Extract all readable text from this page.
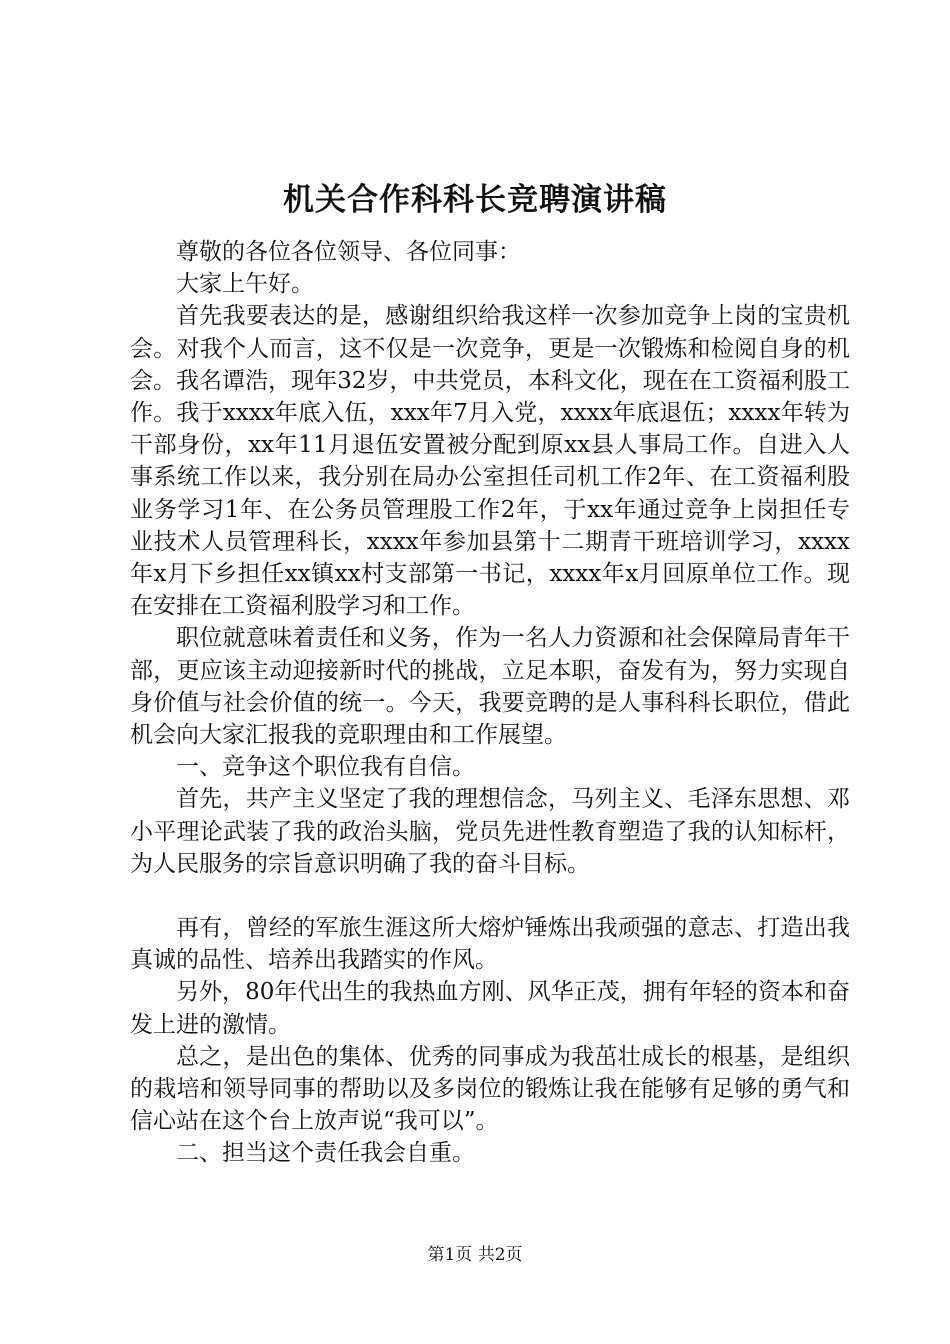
机关合作科科长竞聘演讲稿

尊敬的各位各位领导、各位同事：

大家上午好。

首先我要表达的是，感谢组织给我这样一次参加竞争上岗的宝贵机会。对我个人而言，这不仅是一次竞争，更是一次锻炼和检阅自身的机会。我名谭浩，现年32岁，中共党员，本科文化，现在在工资福利股工作。我于xxxx年底入伍，xxx年7月入党，xxxx年底退伍；xxxx年转为干部身份，xx年11月退伍安置被分配到原xx县人事局工作。自进入人事系统工作以来，我分别在局办公室担任司机工作2年、在工资福利股业务学习1年、在公务员管理股工作2年，于xx年通过竞争上岗担任专业技术人员管理科长，xxxx年参加县第十二期青干班培训学习，xxxx年x月下乡担任xx镇xx村支部第一书记，xxxx年x月回原单位工作。现在安排在工资福利股学习和工作。

职位就意味着责任和义务，作为一名人力资源和社会保障局青年干部，更应该主动迎接新时代的挑战，立足本职，奋发有为，努力实现自身价值与社会价值的统一。今天，我要竞聘的是人事科科长职位，借此机会向大家汇报我的竞职理由和工作展望。

一、竞争这个职位我有自信。

首先，共产主义坚定了我的理想信念，马列主义、毛泽东思想、邓小平理论武装了我的政治头脑，党员先进性教育塑造了我的认知标杆，为人民服务的宗旨意识明确了我的奋斗目标。

再有，曾经的军旅生涯这所大熔炉锤炼出我顽强的意志、打造出我真诚的品性、培养出我踏实的作风。

另外，80年代出生的我热血方刚、风华正茂，拥有年轻的资本和奋发上进的激情。

总之，是出色的集体、优秀的同事成为我茁壮成长的根基，是组织的栽培和领导同事的帮助以及多岗位的锻炼让我在能够有足够的勇气和信心站在这个台上放声说“我可以”。

二、担当这个责任我会自重。

第1页 共2页
